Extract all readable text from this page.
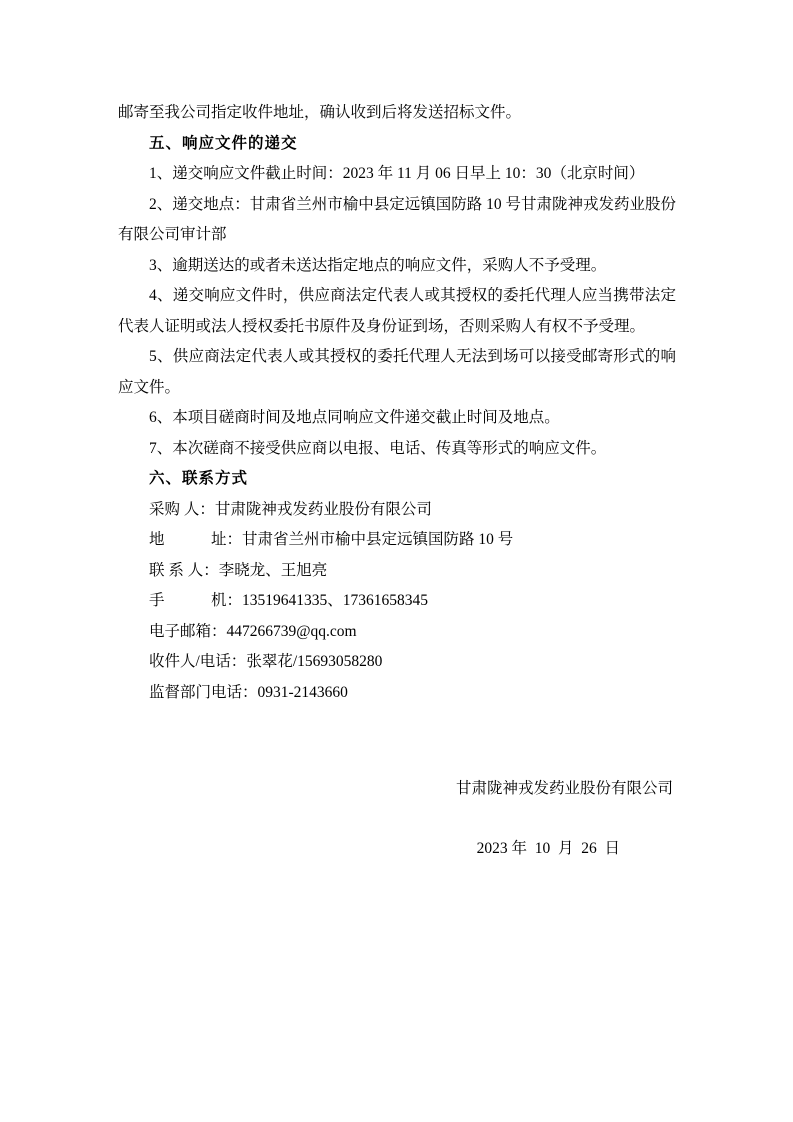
邮寄至我公司指定收件地址，确认收到后将发送招标文件。

五、响应文件的递交

1、递交响应文件截止时间：2023 年 11 月 06 日早上 10：30（北京时间）

2、递交地点：甘肃省兰州市榆中县定远镇国防路 10 号甘肃陇神戎发药业股份有限公司审计部

3、逾期送达的或者未送达指定地点的响应文件，采购人不予受理。

4、递交响应文件时，供应商法定代表人或其授权的委托代理人应当携带法定代表人证明或法人授权委托书原件及身份证到场，否则采购人有权不予受理。

5、供应商法定代表人或其授权的委托代理人无法到场可以接受邮寄形式的响应文件。

6、本项目磋商时间及地点同响应文件递交截止时间及地点。

7、本次磋商不接受供应商以电报、电话、传真等形式的响应文件。

六、联系方式
采购 人：甘肃陇神戎发药业股份有限公司
地　　　址：甘肃省兰州市榆中县定远镇国防路 10 号
联 系 人：李晓龙、王旭亮
手　　　机：13519641335、17361658345
电子邮箱：447266739@qq.com
收件人/电话：张翠花/15693058280
监督部门电话：0931-2143660
甘肃陇神戎发药业股份有限公司
2023 年  10  月  26  日
